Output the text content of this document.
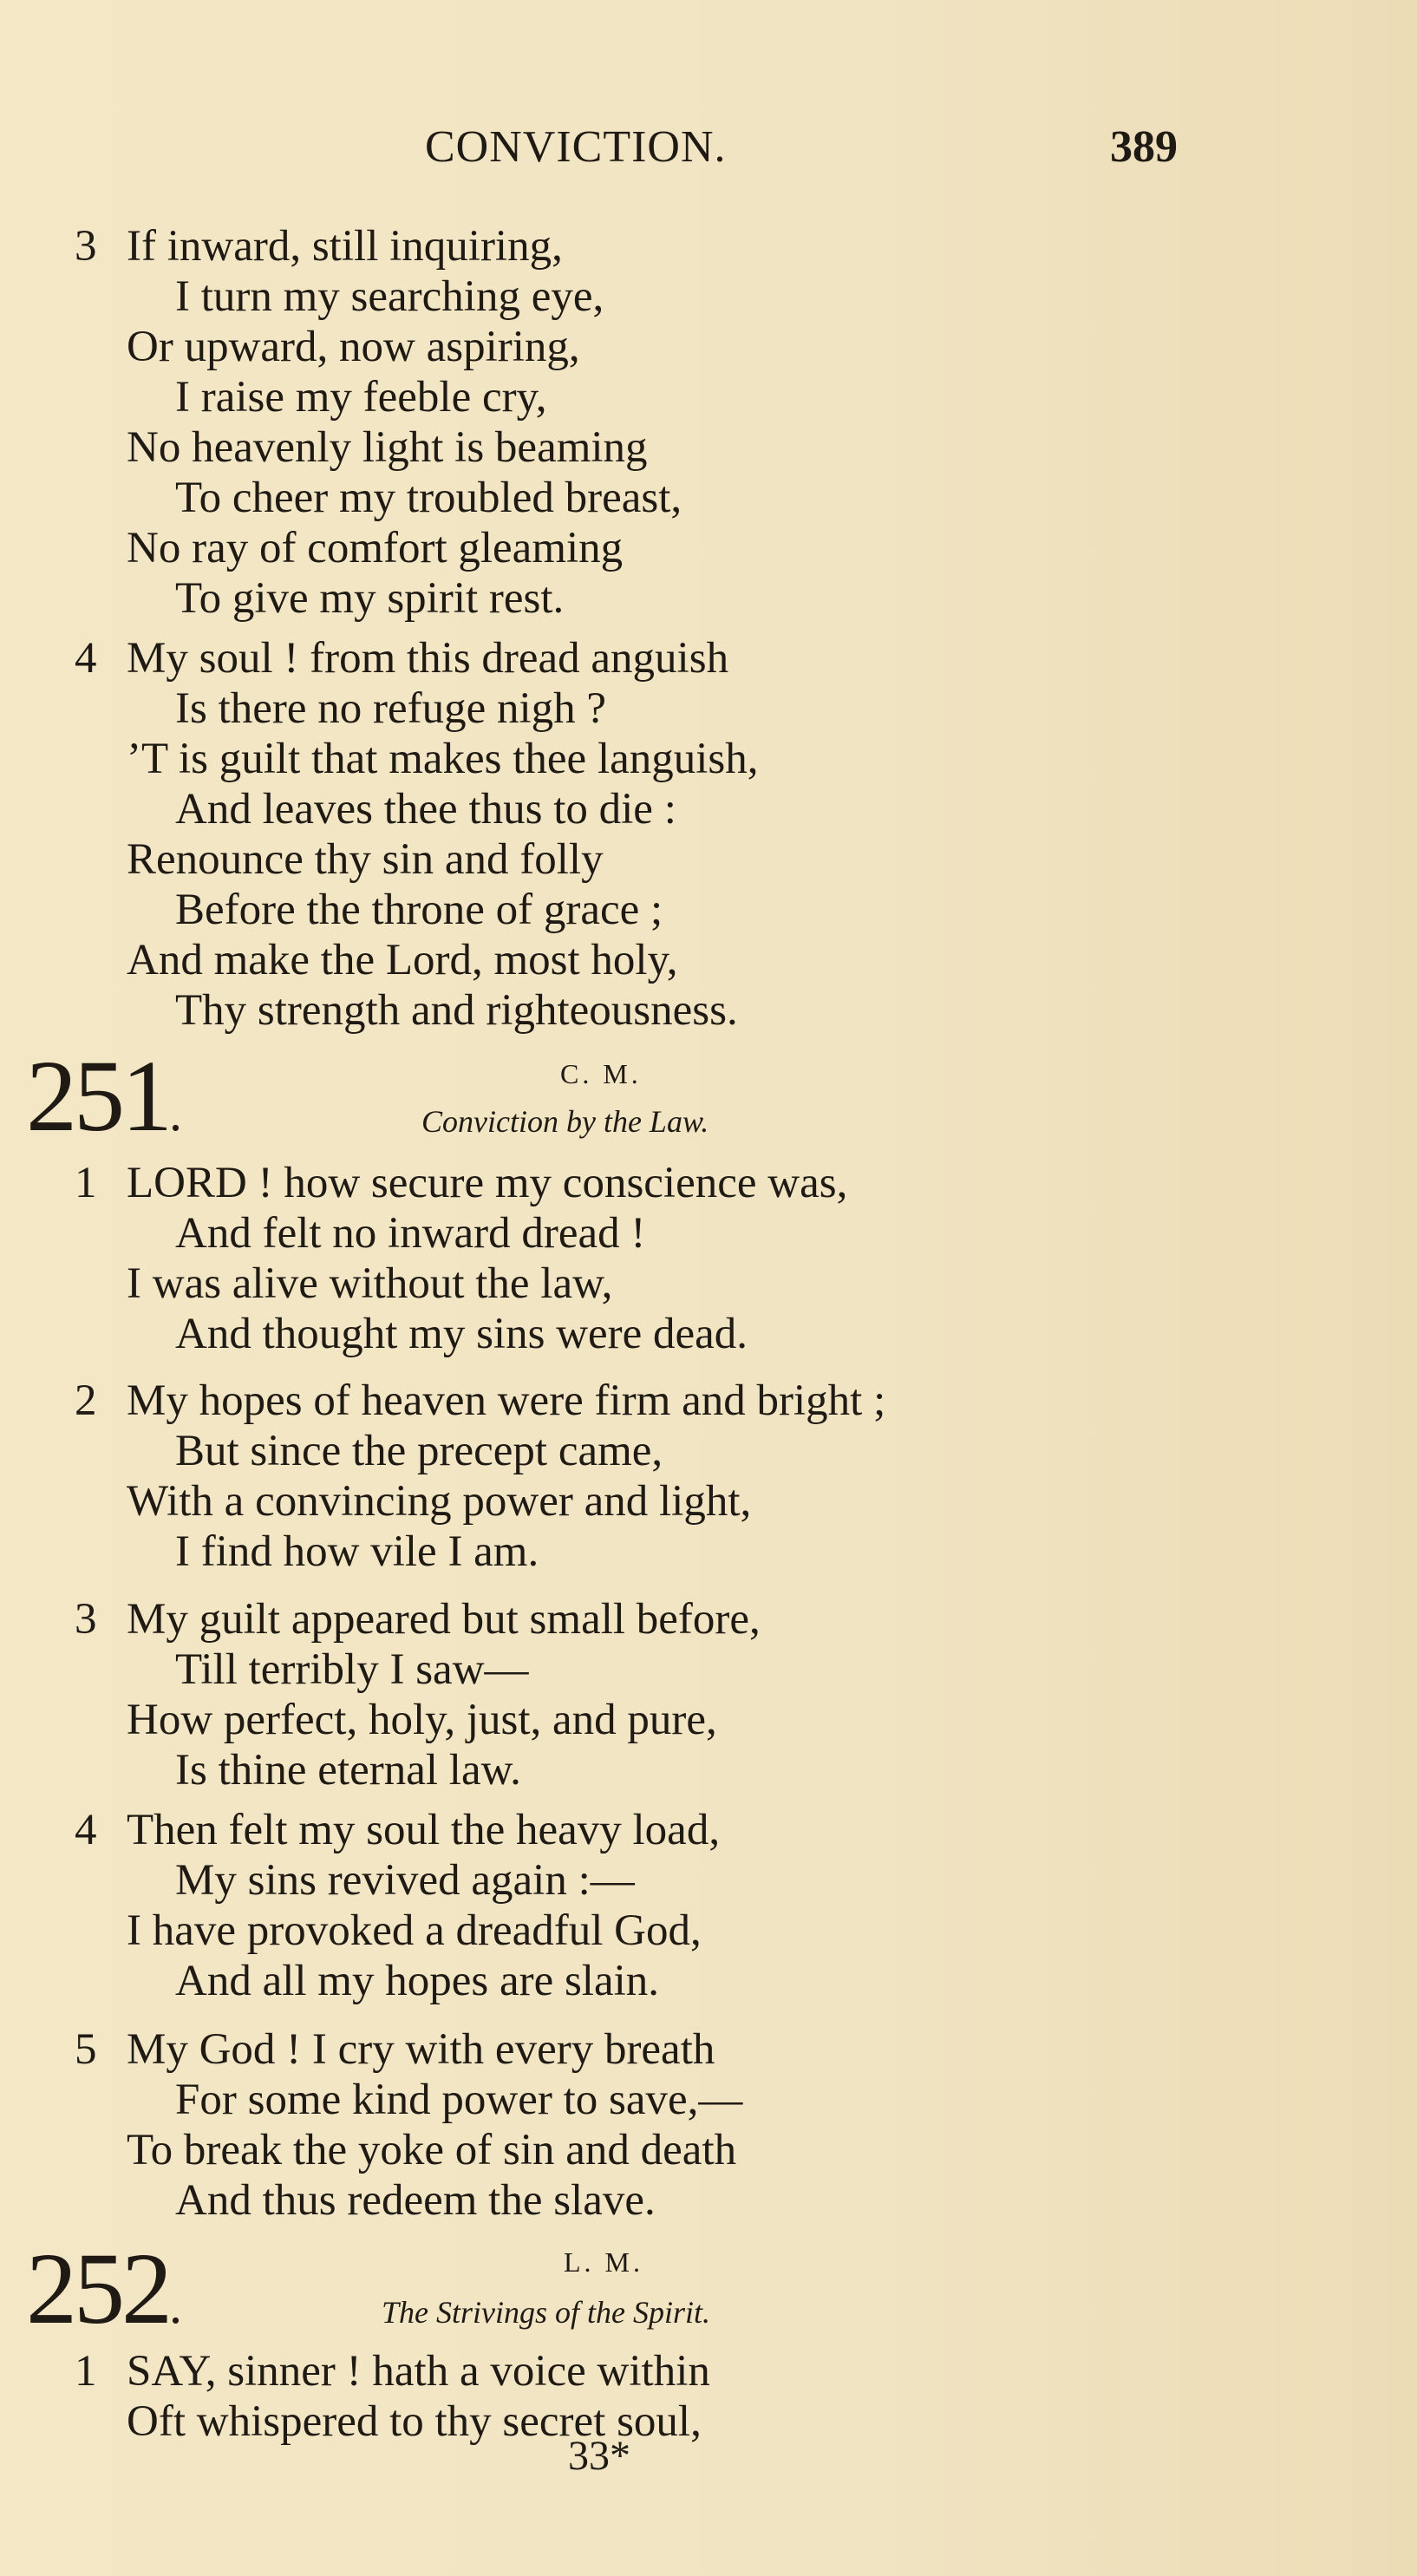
CONVICTION.	389
3 If inward, still inquiring,
I turn my searching eye,
Or upward, now aspiring,
I raise my feeble cry,
No heavenly light is beaming
To cheer my troubled breast,
No ray of comfort gleaming
To give my spirit rest.
4 My soul ! from this dread anguish
Is there no refuge nigh ?
’T is guilt that makes thee languish,
And leaves thee thus to die :
Renounce thy sin and folly
Before the throne of grace ;
And make the Lord, most holy,
Thy strength and righteousness.
251.
C. M.
Conviction by the Law.
1 LORD ! how secure my conscience was,
And felt no inward dread !
I was alive without the law,
And thought my sins were dead.
2 My hopes of heaven were firm and bright ;
But since the precept came,
With a convincing power and light,
I find how vile I am.
3 My guilt appeared but small before,
Till terribly I saw—
How perfect, holy, just, and pure,
Is thine eternal law.
4 Then felt my soul the heavy load,
My sins revived again :—
I have provoked a dreadful God,
And all my hopes are slain.
5 My God ! I cry with every breath
For some kind power to save,—
To break the yoke of sin and death
And thus redeem the slave.
252.
L. M.
The Strivings of the Spirit.
1 SAY, sinner ! hath a voice within
Oft whispered to thy secret soul,
33*
